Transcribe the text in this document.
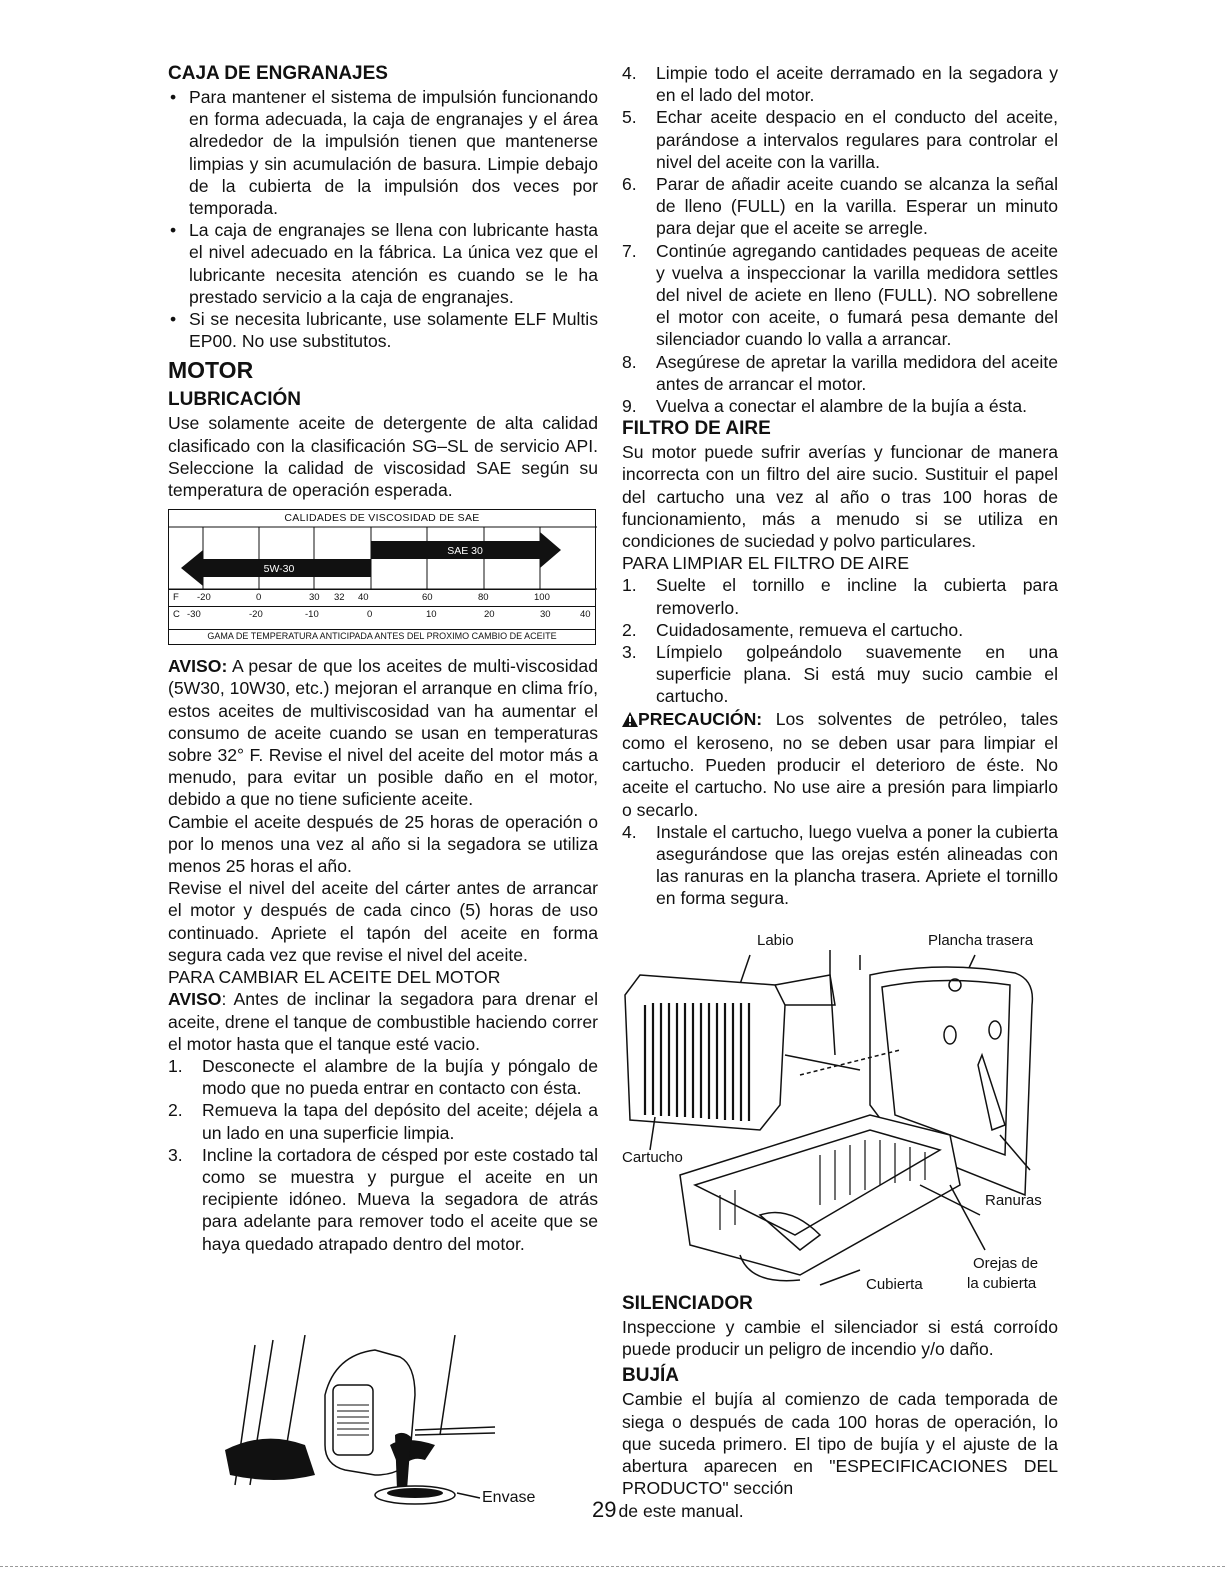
CAJA DE ENGRANAJES

• Para mantener el sistema de impulsión funcionando en forma adecuada, la caja de engranajes y el área alrededor de la impulsión tienen que mantenerse limpias y sin acumulación de basura. Limpie debajo de la cubierta de la impulsión dos veces por temporada.
• La caja de engranajes se llena con lubricante hasta el nivel adecuado en la fábrica. La única vez que el lubricante necesita atención es cuando se le ha prestado servicio a la caja de engranajes.
• Si se necesita lubricante, use solamente ELF Multis EP00. No use substitutos.

MOTOR

LUBRICACIÓN

Use solamente aceite de detergente de alta calidad clasificado con la clasificación SG–SL de servicio API. Seleccione la calidad de viscosidad SAE según su temperatura de operación esperada.

CALIDADES DE VISCOSIDAD DE SAE
SAE 30
5W-30
F -20	0	30 32 40	60	80	100
C -30	-20	-10	0	10	20	30	40
GAMA DE TEMPERATURA ANTICIPADA ANTES DEL PROXIMO CAMBIO DE ACEITE

AVISO: A pesar de que los aceites de multi-viscosidad (5W30, 10W30, etc.) mejoran el arranque en clima frío, estos aceites de multiviscosidad van ha aumentar el consumo de aceite cuando se usan en temperaturas sobre 32° F. Revise el nivel del aceite del motor más a menudo, para evitar un posible daño en el motor, debido a que no tiene suficiente aceite.

Cambie el aceite después de 25 horas de operación o por lo menos una vez al año si la segadora se utiliza menos 25 horas el año.

Revise el nivel del aceite del cárter antes de arrancar el motor y después de cada cinco (5) horas de uso continuado. Apriete el tapón del aceite en forma segura cada vez que revise el nivel del aceite.

PARA CAMBIAR EL ACEITE DEL MOTOR

AVISO: Antes de inclinar la segadora para drenar el aceite, drene el tanque de combustible haciendo correr el motor hasta que el tanque esté vacio.

1. Desconecte el alambre de la bujía y póngalo de modo que no pueda entrar en contacto con ésta.
2. Remueva la tapa del depósito del aceite; déjela a un lado en una superficie limpia.
3. Incline la cortadora de césped por este costado tal como se muestra y purgue el aceite en un recipiente idóneo. Mueva la segadora de atrás para adelante para remover todo el aceite que se haya quedado atrapado dentro del motor.
Envase
4. Limpie todo el aceite derramado en la segadora y en el lado del motor.
5. Echar aceite despacio en el conducto del aceite, parándose a intervalos regulares para controlar el nivel del aceite con la varilla.
6. Parar de añadir aceite cuando se alcanza la señal de lleno (FULL) en la varilla. Esperar un minuto para dejar que el aceite se arregle.
7. Continúe agregando cantidades pequeas de aceite y vuelva a inspeccionar la varilla medidora settles del nivel de aciete en lleno (FULL). NO sobrellene el motor con aceite, o fumará pesa demante del silenciador cuando lo valla a arrancar.
8. Asegúrese de apretar la varilla medidora del aceite antes de arrancar el motor.
9. Vuelva a conectar el alambre de la bujía a ésta.

FILTRO DE AIRE

Su motor puede sufrir averías y funcionar de manera incorrecta con un filtro del aire sucio. Sustituir el papel del cartucho una vez al año o tras 100 horas de funcionamiento, más a menudo si se utiliza en condiciones de suciedad y polvo particulares.

PARA LIMPIAR EL FILTRO DE AIRE

1. Suelte el tornillo e incline la cubierta para removerlo.
2. Cuidadosamente, remueva el cartucho.
3. Límpielo golpeándolo suavemente en una superficie plana. Si está muy sucio cambie el cartucho.

PRECAUCIÓN: Los solventes de petróleo, tales como el keroseno, no se deben usar para limpiar el cartucho. Pueden producir el deterioro de éste. No aceite el cartucho. No use aire a presión para limpiarlo o secarlo.

4. Instale el cartucho, luego vuelva a poner la cubierta asegurándose que las orejas estén alineadas con las ranuras en la plancha trasera. Apriete el tornillo en forma segura.
Labio	Plancha trasera
Cartucho
Ranuras
Orejas de
la cubierta
Cubierta

SILENCIADOR

Inspeccione y cambie el silenciador si está corroído puede producir un peligro de incendio y/o daño.

BUJÍA

Cambie el bujía al comienzo de cada temporada de siega o después de cada 100 horas de operación, lo que suceda primero. El tipo de bujía y el ajuste de la abertura aparecen en "ESPECIFICACIONES DEL PRODUCTO" sección

29 de este manual.
